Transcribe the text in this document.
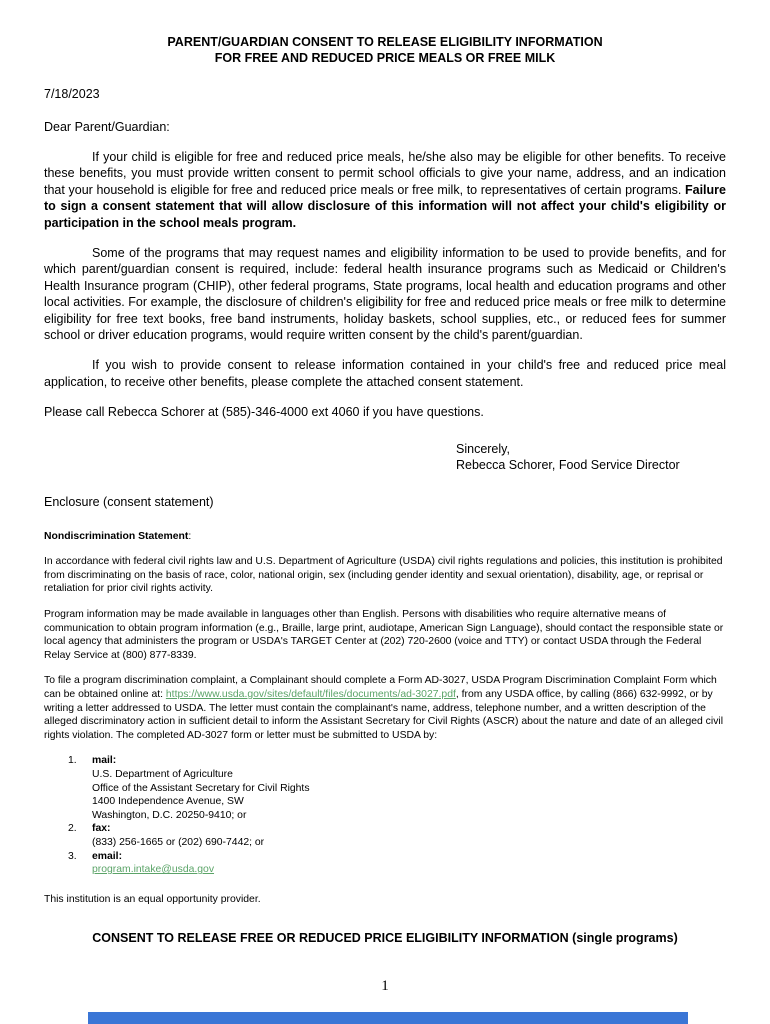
PARENT/GUARDIAN CONSENT TO RELEASE ELIGIBILITY INFORMATION
FOR FREE AND REDUCED PRICE MEALS OR FREE MILK
7/18/2023
Dear Parent/Guardian:

If your child is eligible for free and reduced price meals, he/she also may be eligible for other benefits. To receive these benefits, you must provide written consent to permit school officials to give your name, address, and an indication that your household is eligible for free and reduced price meals or free milk, to representatives of certain programs. Failure to sign a consent statement that will allow disclosure of this information will not affect your child's eligibility or participation in the school meals program.

Some of the programs that may request names and eligibility information to be used to provide benefits, and for which parent/guardian consent is required, include: federal health insurance programs such as Medicaid or Children's Health Insurance program (CHIP), other federal programs, State programs, local health and education programs and other local activities. For example, the disclosure of children's eligibility for free and reduced price meals or free milk to determine eligibility for free text books, free band instruments, holiday baskets, school supplies, etc., or reduced fees for summer school or driver education programs, would require written consent by the child's parent/guardian.

If you wish to provide consent to release information contained in your child's free and reduced price meal application, to receive other benefits, please complete the attached consent statement.

Please call Rebecca Schorer at (585)-346-4000 ext 4060 if you have questions.

Sincerely,
Rebecca Schorer, Food Service Director
Enclosure (consent statement)
Nondiscrimination Statement:

In accordance with federal civil rights law and U.S. Department of Agriculture (USDA) civil rights regulations and policies, this institution is prohibited from discriminating on the basis of race, color, national origin, sex (including gender identity and sexual orientation), disability, age, or reprisal or retaliation for prior civil rights activity.

Program information may be made available in languages other than English. Persons with disabilities who require alternative means of communication to obtain program information (e.g., Braille, large print, audiotape, American Sign Language), should contact the responsible state or local agency that administers the program or USDA's TARGET Center at (202) 720-2600 (voice and TTY) or contact USDA through the Federal Relay Service at (800) 877-8339.

To file a program discrimination complaint, a Complainant should complete a Form AD-3027, USDA Program Discrimination Complaint Form which can be obtained online at: https://www.usda.gov/sites/default/files/documents/ad-3027.pdf, from any USDA office, by calling (866) 632-9992, or by writing a letter addressed to USDA. The letter must contain the complainant's name, address, telephone number, and a written description of the alleged discriminatory action in sufficient detail to inform the Assistant Secretary for Civil Rights (ASCR) about the nature and date of an alleged civil rights violation. The completed AD-3027 form or letter must be submitted to USDA by:

1.	mail:
U.S. Department of Agriculture
Office of the Assistant Secretary for Civil Rights
1400 Independence Avenue, SW
Washington, D.C. 20250-9410; or
2.	fax:
(833) 256-1665 or (202) 690-7442; or
3.	email:
program.intake@usda.gov
This institution is an equal opportunity provider.
CONSENT TO RELEASE FREE OR REDUCED PRICE ELIGIBILITY INFORMATION (single programs)
1
